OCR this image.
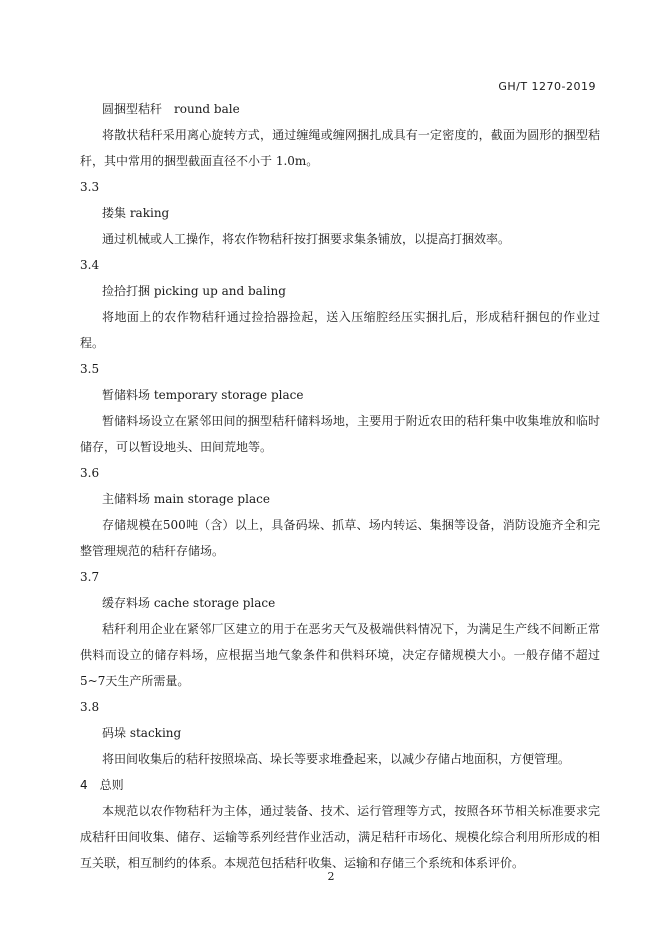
GH/T 1270-2019
圆捆型秸秆　round bale
将散状秸秆采用离心旋转方式，通过缠绳或缠网捆扎成具有一定密度的，截面为圆形的捆型秸秆，其中常用的捆型截面直径不小于 1.0m。
3.3
搂集 raking
通过机械或人工操作，将农作物秸秆按打捆要求集条铺放，以提高打捆效率。
3.4
捡拾打捆 picking up and baling
将地面上的农作物秸秆通过捡拾器捡起，送入压缩腔经压实捆扎后，形成秸秆捆包的作业过程。
3.5
暂储料场 temporary storage place
暂储料场设立在紧邻田间的捆型秸秆储料场地，主要用于附近农田的秸秆集中收集堆放和临时储存，可以暂设地头、田间荒地等。
3.6
主储料场 main storage place
存储规模在500吨（含）以上，具备码垛、抓草、场内转运、集捆等设备，消防设施齐全和完整管理规范的秸秆存储场。
3.7
缓存料场 cache storage place
秸秆利用企业在紧邻厂区建立的用于在恶劣天气及极端供料情况下，为满足生产线不间断正常供料而设立的储存料场，应根据当地气象条件和供料环境，决定存储规模大小。一般存储不超过5~7天生产所需量。
3.8
码垛 stacking
将田间收集后的秸秆按照垛高、垛长等要求堆叠起来，以减少存储占地面积，方便管理。
4　总则
本规范以农作物秸秆为主体，通过装备、技术、运行管理等方式，按照各环节相关标准要求完成秸秆田间收集、储存、运输等系列经营作业活动，满足秸秆市场化、规模化综合利用所形成的相互关联，相互制约的体系。本规范包括秸秆收集、运输和存储三个系统和体系评价。
2
